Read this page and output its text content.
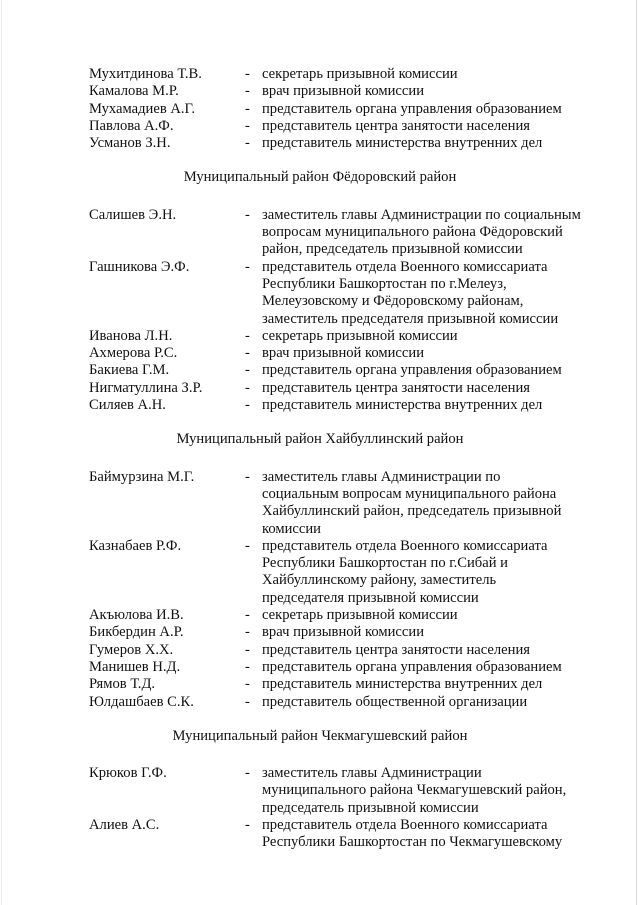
Мухитдинова Т.В.	- секретарь призывной комиссии
Камалова М.Р.	- врач призывной комиссии
Мухамадиев А.Г.	- представитель органа управления образованием
Павлова А.Ф.	- представитель центра занятости населения
Усманов З.Н.	- представитель министерства внутренних дел
Муниципальный район Фёдоровский район
Салишев Э.Н.	- заместитель главы Администрации по социальным
вопросам муниципального района Фёдоровский
район, председатель призывной комиссии
Гашникова Э.Ф.	- представитель отдела Военного комиссариата
Республики Башкортостан по г.Мелеуз,
Мелеузовскому и Фёдоровскому районам,
заместитель председателя призывной комиссии
Иванова Л.Н.	- секретарь призывной комиссии
Ахмерова Р.С.	- врач призывной комиссии
Бакиева Г.М.	- представитель органа управления образованием
Нигматуллина З.Р.	- представитель центра занятости населения
Силяев А.Н.	- представитель министерства внутренних дел
Муниципальный район Хайбуллинский район
Баймурзина М.Г.	- заместитель главы Администрации по
социальным вопросам муниципального района
Хайбуллинский район, председатель призывной
комиссии
Казнабаев Р.Ф.	- представитель отдела Военного комиссариата
Республики Башкортостан по г.Сибай и
Хайбуллинскому району, заместитель
председателя призывной комиссии
Акъюлова И.В.	- секретарь призывной комиссии
Бикбердин А.Р.	- врач призывной комиссии
Гумеров Х.Х.	- представитель центра занятости населения
Манишев Н.Д.	- представитель органа управления образованием
Рямов Т.Д.	- представитель министерства внутренних дел
Юлдашбаев С.К.	- представитель общественной организации
Муниципальный район Чекмагушевский район
Крюков Г.Ф.	- заместитель главы Администрации
муниципального района Чекмагушевский район,
председатель призывной комиссии
Алиев А.С.	- представитель отдела Военного комиссариата
Республики Башкортостан по Чекмагушевскому
